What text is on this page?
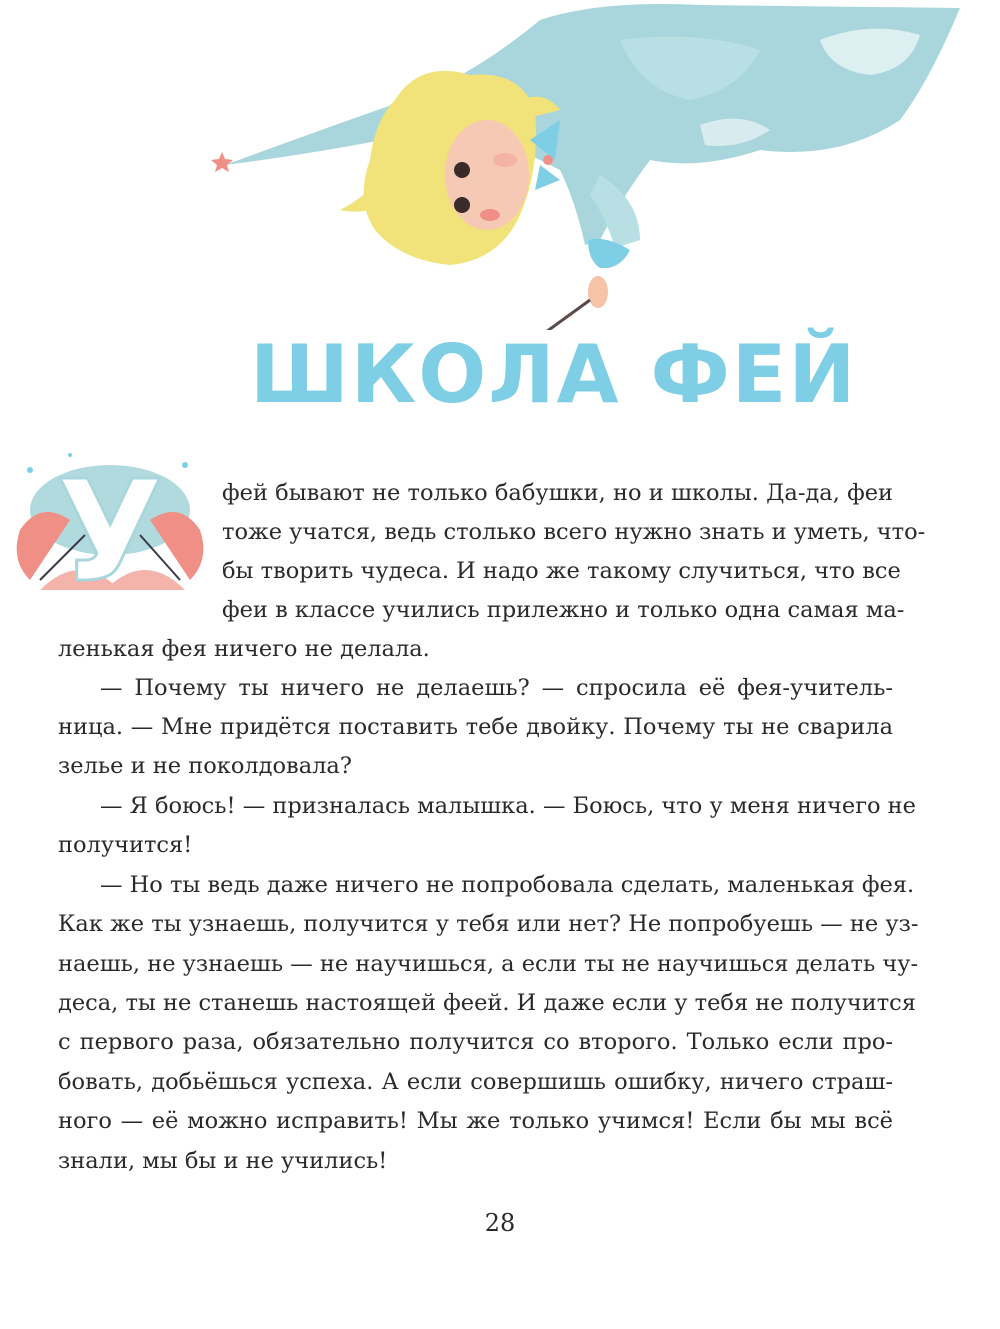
ШКОЛА ФЕЙ
У	фей бывают не только бабушки, но и школы. Да-да, феи
тоже учатся, ведь столько всего нужно знать и уметь, что-
бы творить чудеса. И надо же такому случиться, что все
феи в классе учились прилежно и только одна самая ма-
ленькая фея ничего не делала.
— Почему ты ничего не делаешь? — спросила её фея-учитель-
ница. — Мне придётся поставить тебе двойку. Почему ты не сварила
зелье и не поколдовала?
— Я боюсь! — призналась малышка. — Боюсь, что у меня ничего не
получится!
— Но ты ведь даже ничего не попробовала сделать, маленькая фея.
Как же ты узнаешь, получится у тебя или нет? Не попробуешь — не уз-
наешь, не узнаешь — не научишься, а если ты не научишься делать чу-
деса, ты не станешь настоящей феей. И даже если у тебя не получится
с первого раза, обязательно получится со второго. Только если про-
бовать, добьёшься успеха. А если совершишь ошибку, ничего страш-
ного — её можно исправить! Мы же только учимся! Если бы мы всё
знали, мы бы и не учились!
28
